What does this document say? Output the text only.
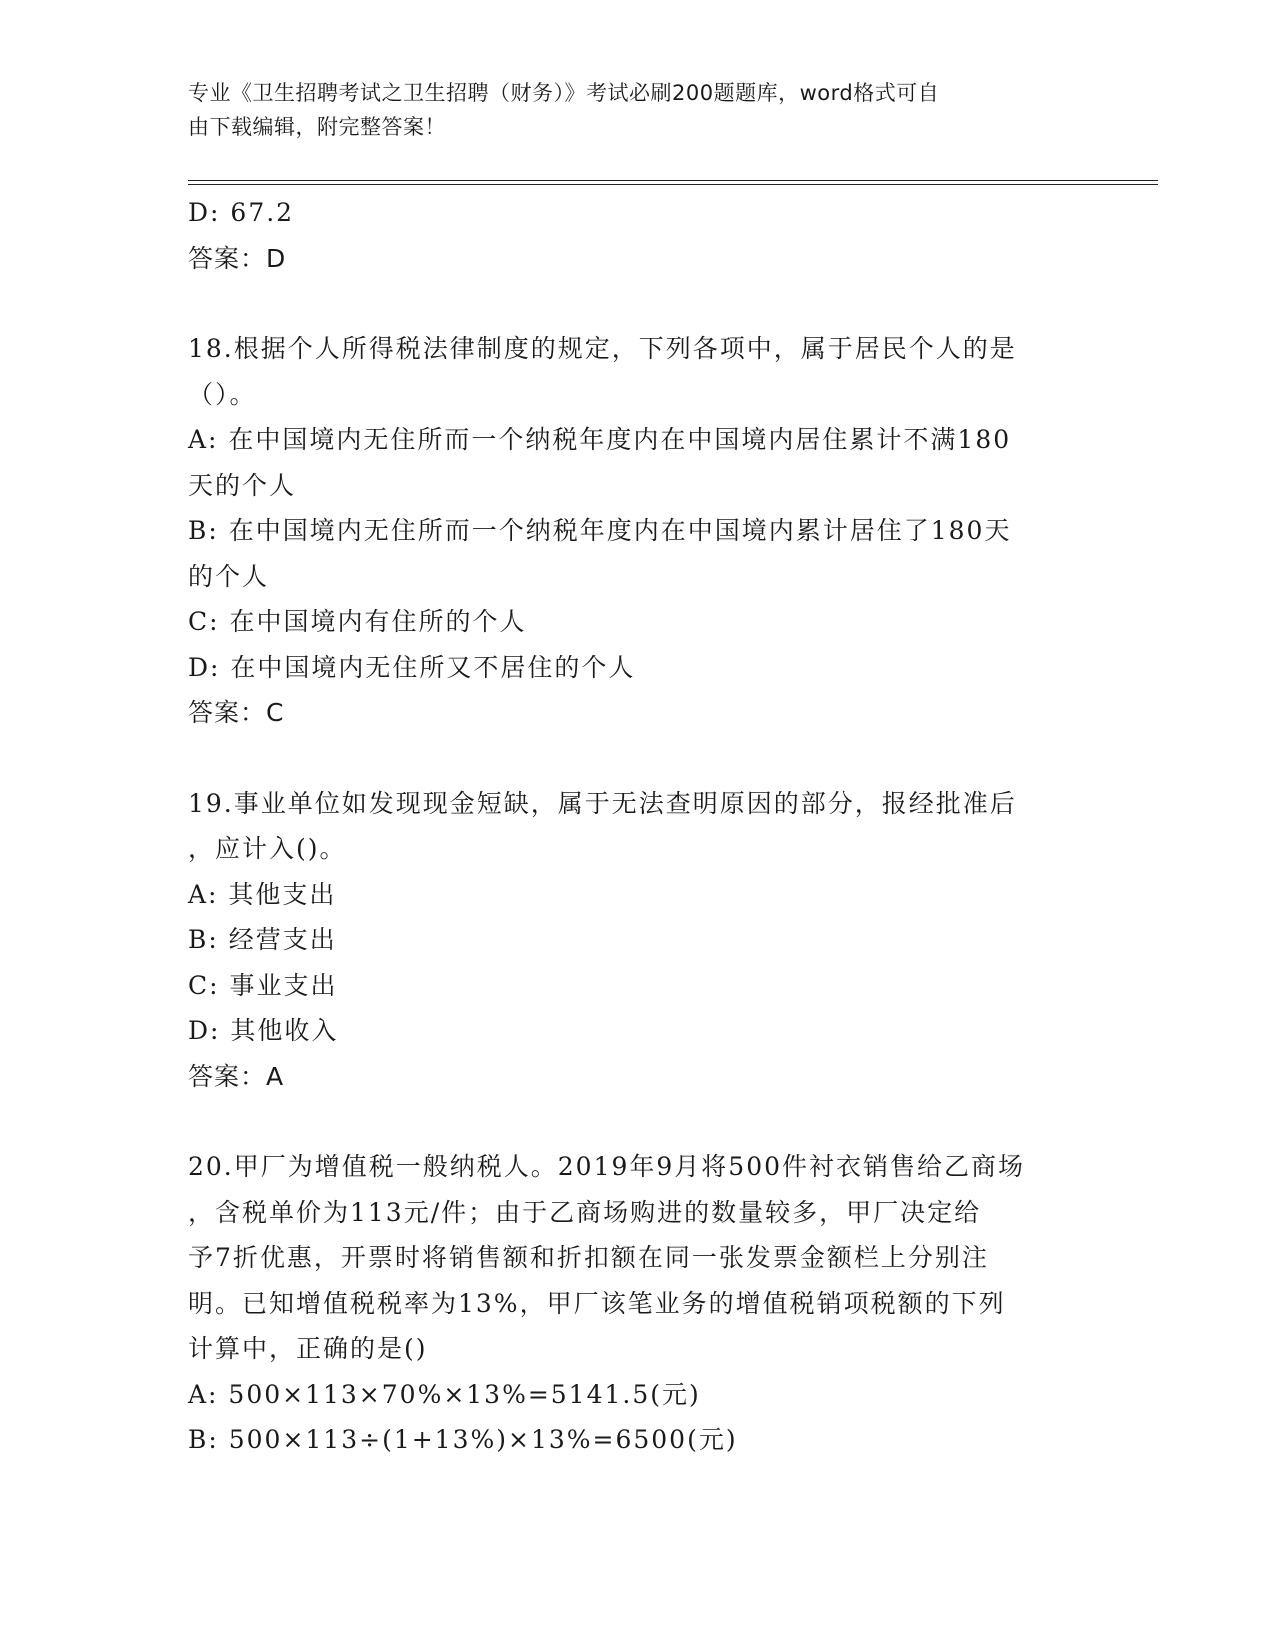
专业《卫生招聘考试之卫生招聘（财务）》考试必刷200题题库，word格式可自
由下载编辑，附完整答案！
D: 67.2
答案：D
18.根据个人所得税法律制度的规定，下列各项中，属于居民个人的是
（）。
A: 在中国境内无住所而一个纳税年度内在中国境内居住累计不满180
天的个人
B: 在中国境内无住所而一个纳税年度内在中国境内累计居住了180天
的个人
C: 在中国境内有住所的个人
D: 在中国境内无住所又不居住的个人
答案：C
19.事业单位如发现现金短缺，属于无法查明原因的部分，报经批准后
，应计入()。
A: 其他支出
B: 经营支出
C: 事业支出
D: 其他收入
答案：A
20.甲厂为增值税一般纳税人。2019年9月将500件衬衣销售给乙商场
，含税单价为113元/件；由于乙商场购进的数量较多，甲厂决定给
予7折优惠，开票时将销售额和折扣额在同一张发票金额栏上分别注
明。已知增值税税率为13%，甲厂该笔业务的增值税销项税额的下列
计算中，正确的是()
A: 500×113×70%×13%=5141.5(元)
B: 500×113÷(1+13%)×13%=6500(元)
